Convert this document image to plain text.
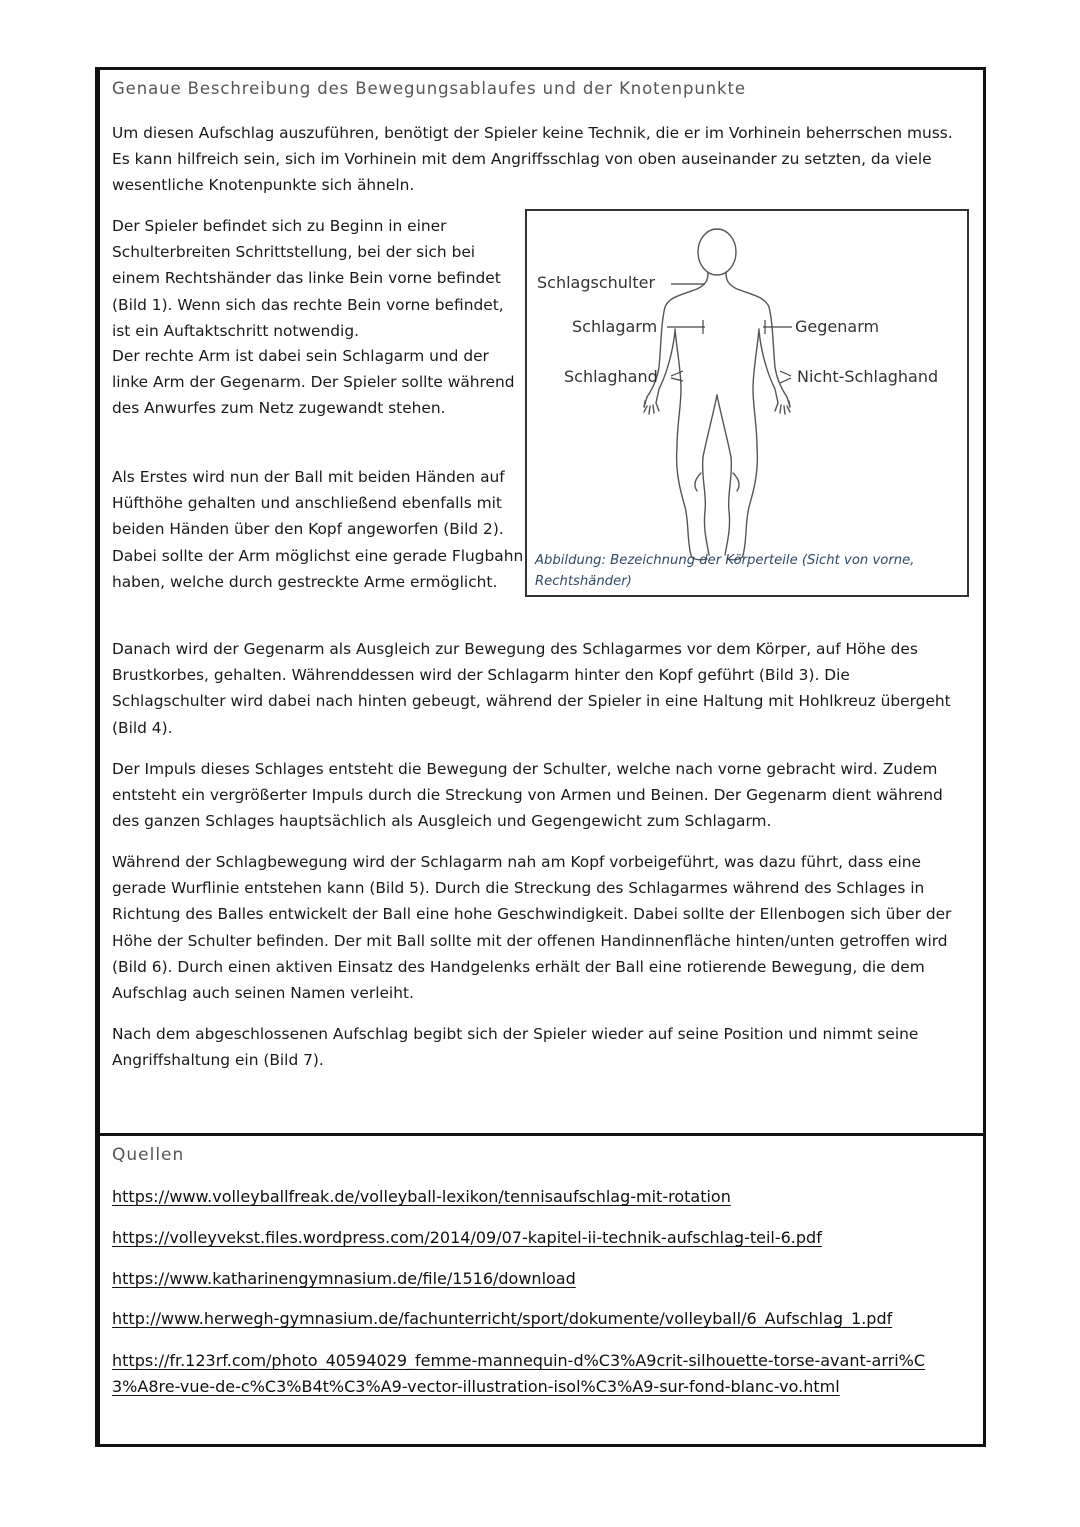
Genaue Beschreibung des Bewegungsablaufes und der Knotenpunkte

Um diesen Aufschlag auszuführen, benötigt der Spieler keine Technik, die er im Vorhinein beherrschen muss. Es kann hilfreich sein, sich im Vorhinein mit dem Angriffsschlag von oben auseinander zu setzten, da viele wesentliche Knotenpunkte sich ähneln.

Der Spieler befindet sich zu Beginn in einer Schulterbreiten Schrittstellung, bei der sich bei einem Rechtshänder das linke Bein vorne befindet (Bild 1). Wenn sich das rechte Bein vorne befindet, ist ein Auftaktschritt notwendig.

Der rechte Arm ist dabei sein Schlagarm und der linke Arm der Gegenarm. Der Spieler sollte während des Anwurfes zum Netz zugewandt stehen.

Als Erstes wird nun der Ball mit beiden Händen auf Hüfthöhe gehalten und anschließend ebenfalls mit beiden Händen über den Kopf angeworfen (Bild 2). Dabei sollte der Arm möglichst eine gerade Flugbahn haben, welche durch gestreckte Arme ermöglicht.

Schlagschulter
Schlagarm
Schlaghand
Gegenarm
Nicht-Schlaghand

Abbildung: Bezeichnung der Körperteile (Sicht von vorne, Rechtshänder)

Danach wird der Gegenarm als Ausgleich zur Bewegung des Schlagarmes vor dem Körper, auf Höhe des Brustkorbes, gehalten. Währenddessen wird der Schlagarm hinter den Kopf geführt (Bild 3). Die Schlagschulter wird dabei nach hinten gebeugt, während der Spieler in eine Haltung mit Hohlkreuz übergeht (Bild 4).

Der Impuls dieses Schlages entsteht die Bewegung der Schulter, welche nach vorne gebracht wird. Zudem entsteht ein vergrößerter Impuls durch die Streckung von Armen und Beinen. Der Gegenarm dient während des ganzen Schlages hauptsächlich als Ausgleich und Gegengewicht zum Schlagarm.

Während der Schlagbewegung wird der Schlagarm nah am Kopf vorbeigeführt, was dazu führt, dass eine gerade Wurflinie entstehen kann (Bild 5). Durch die Streckung des Schlagarmes während des Schlages in Richtung des Balles entwickelt der Ball eine hohe Geschwindigkeit. Dabei sollte der Ellenbogen sich über der Höhe der Schulter befinden. Der mit Ball sollte mit der offenen Handinnenfläche hinten/unten getroffen wird (Bild 6). Durch einen aktiven Einsatz des Handgelenks erhält der Ball eine rotierende Bewegung, die dem Aufschlag auch seinen Namen verleiht.

Nach dem abgeschlossenen Aufschlag begibt sich der Spieler wieder auf seine Position und nimmt seine Angriffshaltung ein (Bild 7).

Quellen
https://www.volleyballfreak.de/volleyball-lexikon/tennisaufschlag-mit-rotation
https://volleyvekst.files.wordpress.com/2014/09/07-kapitel-ii-technik-aufschlag-teil-6.pdf
https://www.katharinengymnasium.de/file/1516/download
http://www.herwegh-gymnasium.de/fachunterricht/sport/dokumente/volleyball/6_Aufschlag_1.pdf
https://fr.123rf.com/photo_40594029_femme-mannequin-d%C3%A9crit-silhouette-torse-avant-arri%C3%A8re-vue-de-c%C3%B4t%C3%A9-vector-illustration-isol%C3%A9-sur-fond-blanc-vo.html
